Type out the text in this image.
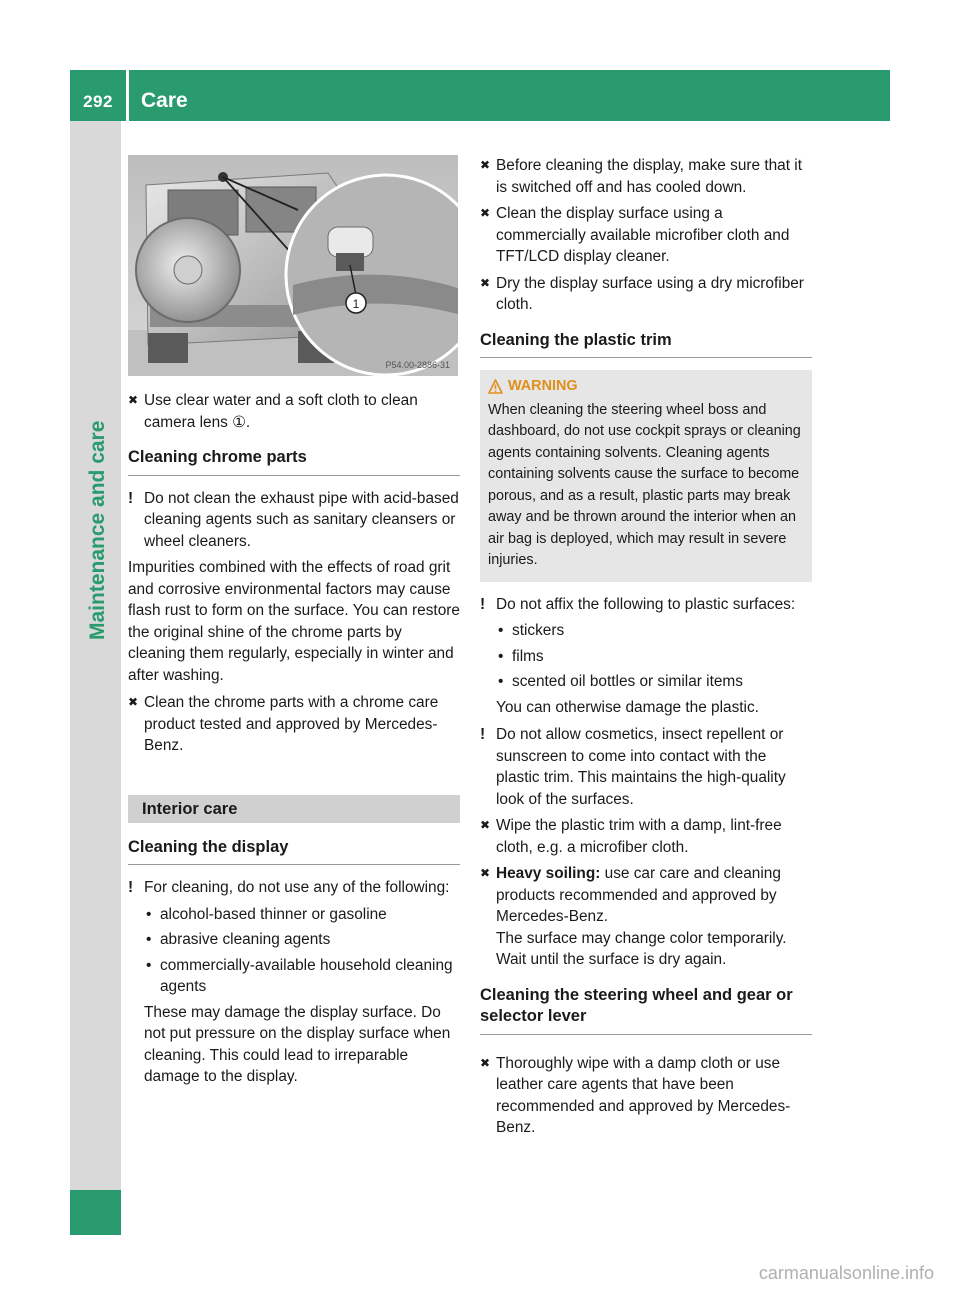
292	Care
Maintenance and care
1
P54.00-2886-31
✖ Use clear water and a soft cloth to clean camera lens ①.
Cleaning chrome parts
! Do not clean the exhaust pipe with acid-based cleaning agents such as sanitary cleansers or wheel cleaners.
Impurities combined with the effects of road grit and corrosive environmental factors may cause flash rust to form on the surface. You can restore the original shine of the chrome parts by cleaning them regularly, especially in winter and after washing.
✖ Clean the chrome parts with a chrome care product tested and approved by Mercedes-Benz.
Interior care
Cleaning the display
! For cleaning, do not use any of the following:
• alcohol-based thinner or gasoline
• abrasive cleaning agents
• commercially-available household cleaning agents
These may damage the display surface. Do not put pressure on the display surface when cleaning. This could lead to irreparable damage to the display.
✖ Before cleaning the display, make sure that it is switched off and has cooled down.
✖ Clean the display surface using a commercially available microfiber cloth and TFT/LCD display cleaner.
✖ Dry the display surface using a dry microfiber cloth.
Cleaning the plastic trim
WARNING
When cleaning the steering wheel boss and dashboard, do not use cockpit sprays or cleaning agents containing solvents. Cleaning agents containing solvents cause the surface to become porous, and as a result, plastic parts may break away and be thrown around the interior when an air bag is deployed, which may result in severe injuries.
! Do not affix the following to plastic surfaces:
• stickers
• films
• scented oil bottles or similar items
You can otherwise damage the plastic.
! Do not allow cosmetics, insect repellent or sunscreen to come into contact with the plastic trim. This maintains the high-quality look of the surfaces.
✖ Wipe the plastic trim with a damp, lint-free cloth, e.g. a microfiber cloth.
✖ Heavy soiling: use car care and cleaning products recommended and approved by Mercedes-Benz.
The surface may change color temporarily. Wait until the surface is dry again.
Cleaning the steering wheel and gear or selector lever
✖ Thoroughly wipe with a damp cloth or use leather care agents that have been recommended and approved by Mercedes-Benz.
carmanualsonline.info
